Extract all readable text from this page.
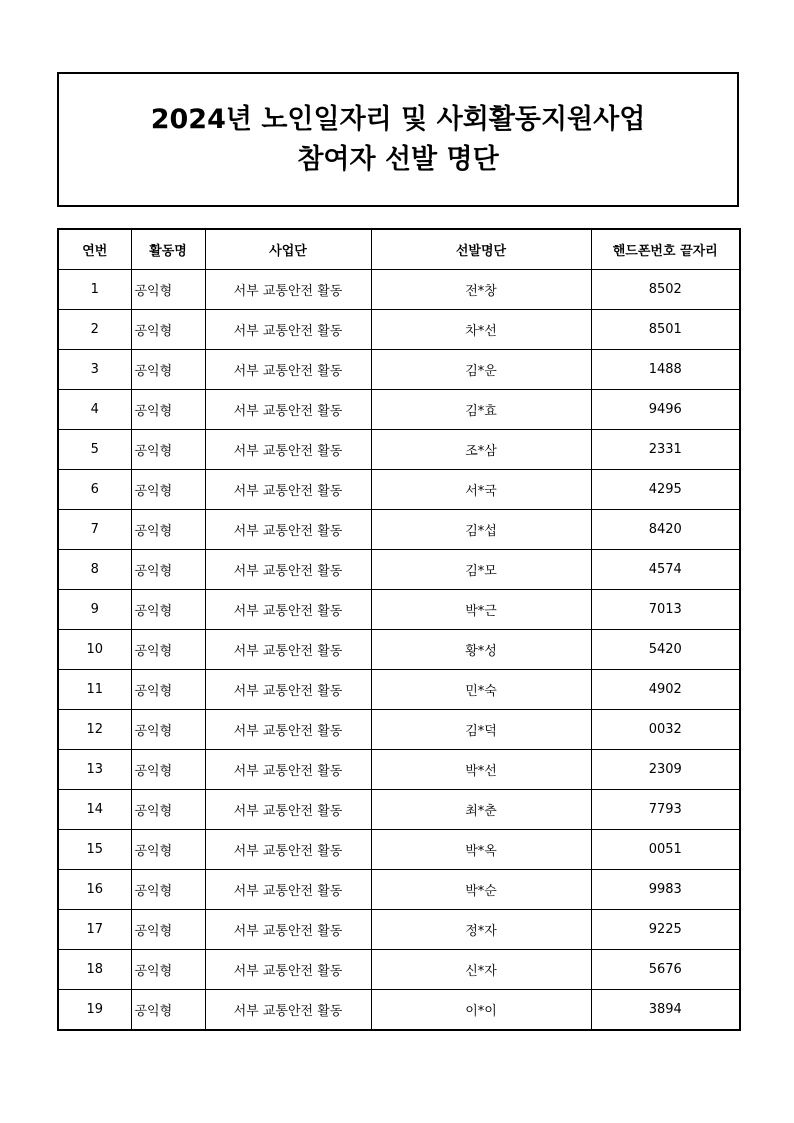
2024년 노인일자리 및 사회활동지원사업
참여자 선발 명단
연번	활동명	사업단	선발명단	핸드폰번호 끝자리
1	공익형	서부 교통안전 활동	전*창	8502
2	공익형	서부 교통안전 활동	차*선	8501
3	공익형	서부 교통안전 활동	김*운	1488
4	공익형	서부 교통안전 활동	김*효	9496
5	공익형	서부 교통안전 활동	조*삼	2331
6	공익형	서부 교통안전 활동	서*국	4295
7	공익형	서부 교통안전 활동	김*섭	8420
8	공익형	서부 교통안전 활동	김*모	4574
9	공익형	서부 교통안전 활동	박*근	7013
10	공익형	서부 교통안전 활동	황*성	5420
11	공익형	서부 교통안전 활동	민*숙	4902
12	공익형	서부 교통안전 활동	김*덕	0032
13	공익형	서부 교통안전 활동	박*선	2309
14	공익형	서부 교통안전 활동	최*춘	7793
15	공익형	서부 교통안전 활동	박*옥	0051
16	공익형	서부 교통안전 활동	박*순	9983
17	공익형	서부 교통안전 활동	정*자	9225
18	공익형	서부 교통안전 활동	신*자	5676
19	공익형	서부 교통안전 활동	이*이	3894
